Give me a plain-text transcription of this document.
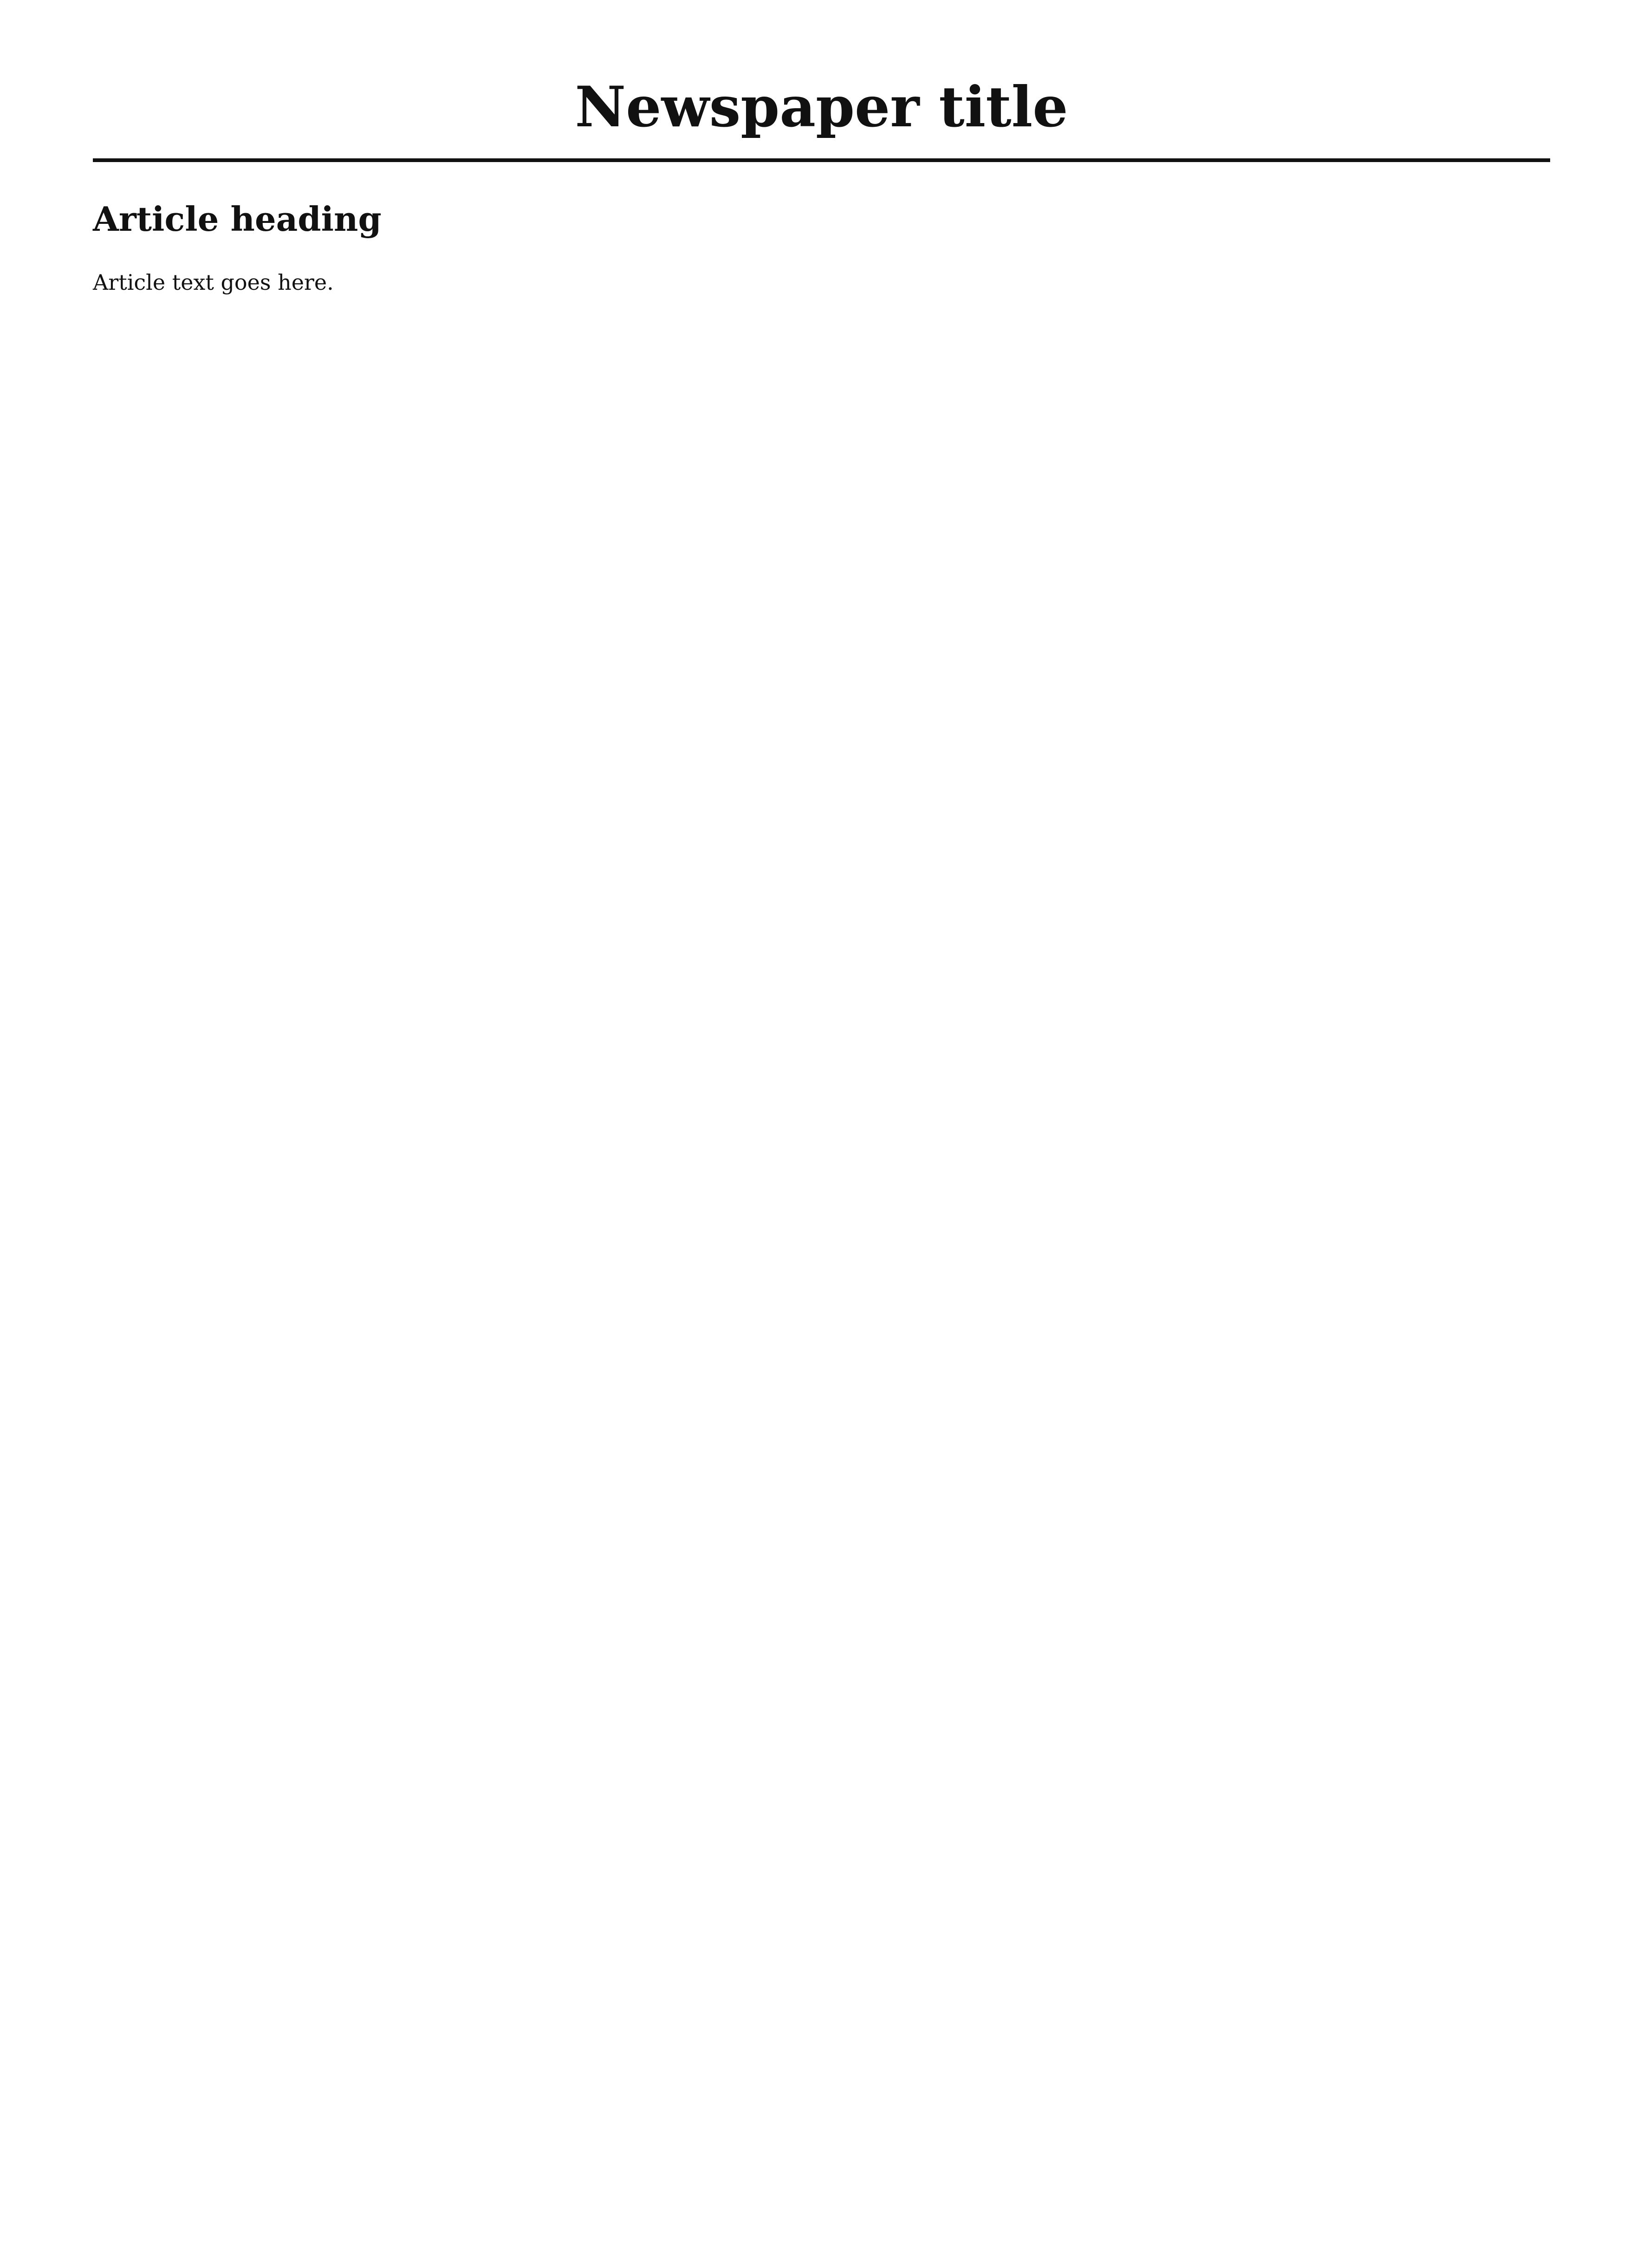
Newspaper title
Article heading

Article text goes here.
